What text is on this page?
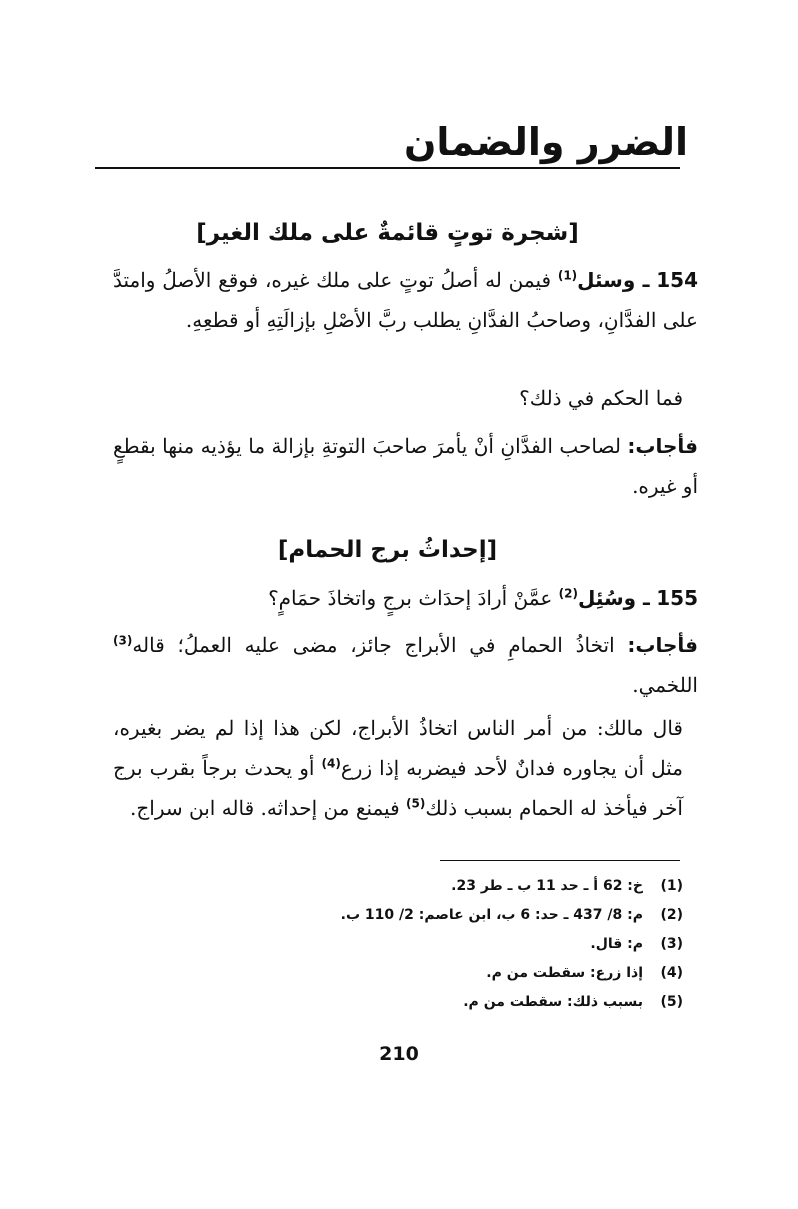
الضرر والضمان
[شجرة توتٍ قائمةٌ على ملك الغير]

154 ـ وسئل$^{(1)}$ فيمن له أصلُ توتٍ على ملك غيره، فوقع الأصلُ وامتدَّ على الفدَّانِ، وصاحبُ الفدَّانِ يطلب ربَّ الأصْلِ بإزالَتِهِ أو قطعِهِ.

فما الحكم في ذلك؟

فأجاب: لصاحب الفدَّانِ أنْ يأمرَ صاحبَ التوتةِ بإزالة ما يؤذيه منها بقطعٍ أو غيره.

[إحداثُ برج الحمام]

155 ـ وسُئِل$^{(2)}$ عمَّنْ أرادَ إحدَاث برجٍ واتخاذَ حمَامٍ؟

فأجاب: اتخاذُ الحمامِ في الأبراج جائز، مضى عليه العملُ؛ قاله$^{(3)}$ اللخمي.

قال مالك: من أمر الناس اتخاذُ الأبراج، لكن هذا إذا لم يضر بغيره، مثل أن يجاوره فدانٌ لأحد فيضربه إذا زرع$^{(4)}$ أو يحدث برجاً بقرب برج آخر فيأخذ له الحمام بسبب ذلك$^{(5)}$ فيمنع من إحداثه. قاله ابن سراج.

(1)خ: 62 أ ـ حد 11 ب ـ طر 23.
(2)م: 8/ 437 ـ حد: 6 ب، ابن عاصم: 2/ 110 ب.
(3)م: قال.
(4)إذا زرع: سقطت من م.
(5)بسبب ذلك: سقطت من م.
210
